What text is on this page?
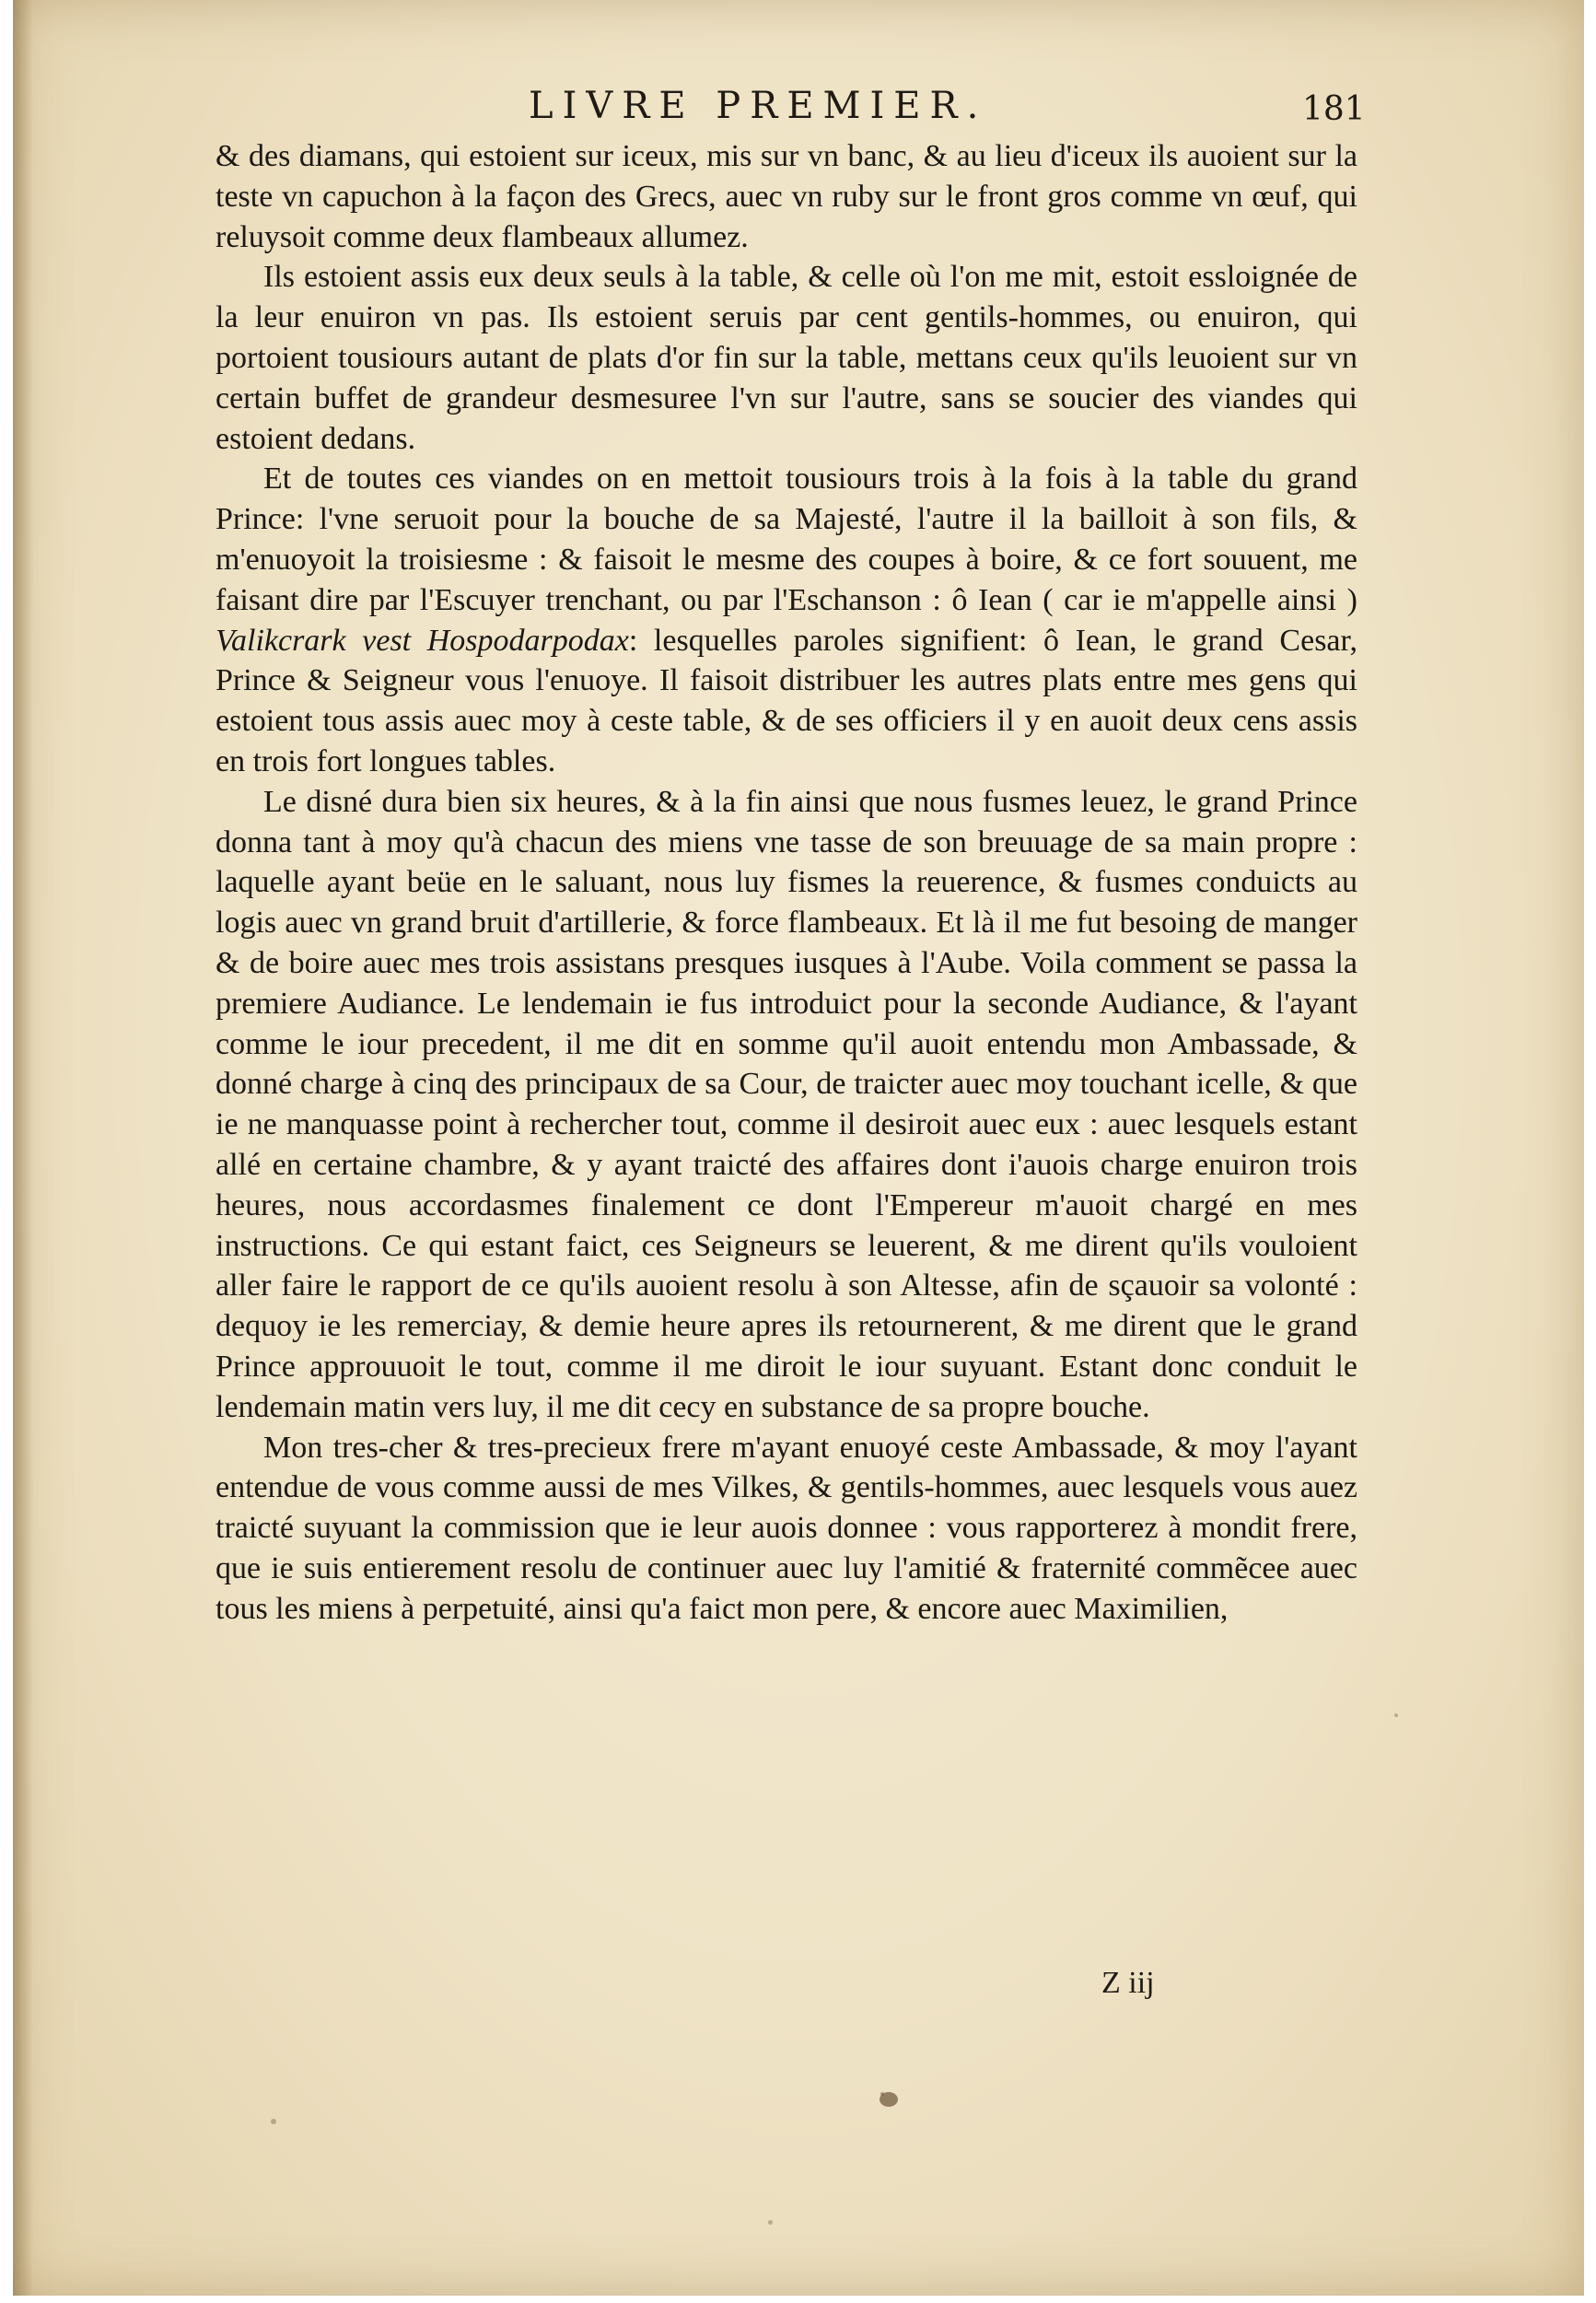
LIVRE PREMIER.	181

& des diamans, qui estoient sur iceux, mis sur vn banc, & au lieu d'iceux ils auoient sur la teste vn capuchon à la façon des Grecs, auec vn ruby sur le front gros comme vn œuf, qui reluysoit comme deux flambeaux allumez.

Ils estoient assis eux deux seuls à la table, & celle où l'on me mit, estoit essloignée de la leur enuiron vn pas. Ils estoient seruis par cent gentils-hommes, ou enuiron, qui portoient tousiours autant de plats d'or fin sur la table, mettans ceux qu'ils leuoient sur vn certain buffet de grandeur desmesuree l'vn sur l'autre, sans se soucier des viandes qui estoient dedans.

Et de toutes ces viandes on en mettoit tousiours trois à la fois à la table du grand Prince: l'vne seruoit pour la bouche de sa Majesté, l'autre il la bailloit à son fils, & m'enuoyoit la troisiesme : & faisoit le mesme des coupes à boire, & ce fort souuent, me faisant dire par l'Escuyer trenchant, ou par l'Eschanson : ô Iean ( car ie m'appelle ainsi ) Valikcrark vest Hospodarpodax: lesquelles paroles signifient: ô Iean, le grand Cesar, Prince & Seigneur vous l'enuoye. Il faisoit distribuer les autres plats entre mes gens qui estoient tous assis auec moy à ceste table, & de ses officiers il y en auoit deux cens assis en trois fort longues tables.

Le disné dura bien six heures, & à la fin ainsi que nous fusmes leuez, le grand Prince donna tant à moy qu'à chacun des miens vne tasse de son breuuage de sa main propre : laquelle ayant beüe en le saluant, nous luy fismes la reuerence, & fusmes conduicts au logis auec vn grand bruit d'artillerie, & force flambeaux. Et là il me fut besoing de manger & de boire auec mes trois assistans presques iusques à l'Aube. Voila comment se passa la premiere Audiance. Le lendemain ie fus introduict pour la seconde Audiance, & l'ayant comme le iour precedent, il me dit en somme qu'il auoit entendu mon Ambassade, & donné charge à cinq des principaux de sa Cour, de traicter auec moy touchant icelle, & que ie ne manquasse point à rechercher tout, comme il desiroit auec eux : auec lesquels estant allé en certaine chambre, & y ayant traicté des affaires dont i'auois charge enuiron trois heures, nous accordasmes finalement ce dont l'Empereur m'auoit chargé en mes instructions. Ce qui estant faict, ces Seigneurs se leuerent, & me dirent qu'ils vouloient aller faire le rapport de ce qu'ils auoient resolu à son Altesse, afin de sçauoir sa volonté : dequoy ie les remerciay, & demie heure apres ils retournerent, & me dirent que le grand Prince approuuoit le tout, comme il me diroit le iour suyuant. Estant donc conduit le lendemain matin vers luy, il me dit cecy en substance de sa propre bouche.

Mon tres-cher & tres-precieux frere m'ayant enuoyé ceste Ambassade, & moy l'ayant entendue de vous comme aussi de mes Vilkes, & gentils-hommes, auec lesquels vous auez traicté suyuant la commission que ie leur auois donnee : vous rapporterez à mondit frere, que ie suis entierement resolu de continuer auec luy l'amitié & fraternité commẽcee auec tous les miens à perpetuité, ainsi qu'a faict mon pere, & encore auec Maximilien,

Z iij
